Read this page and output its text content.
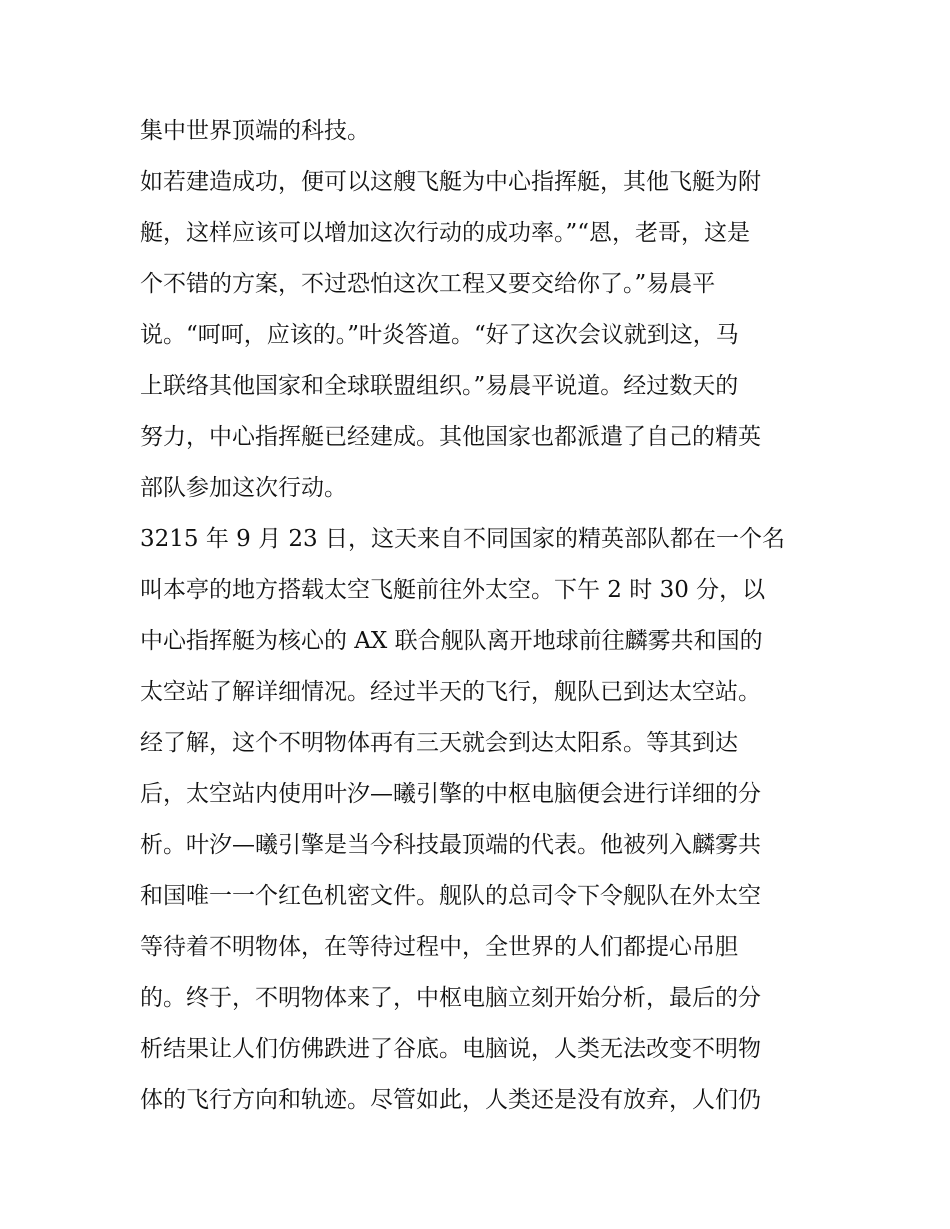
集中世界顶端的科技。
如若建造成功，便可以这艘飞艇为中心指挥艇，其他飞艇为附
艇，这样应该可以增加这次行动的成功率。”“恩，老哥，这是
个不错的方案，不过恐怕这次工程又要交给你了。”易晨平
说。“呵呵，应该的。”叶炎答道。“好了这次会议就到这，马
上联络其他国家和全球联盟组织。”易晨平说道。经过数天的
努力，中心指挥艇已经建成。其他国家也都派遣了自己的精英
部队参加这次行动。
3215 年 9 月 23 日，这天来自不同国家的精英部队都在一个名
叫本亭的地方搭载太空飞艇前往外太空。下午 2 时 30 分，以
中心指挥艇为核心的 AX 联合舰队离开地球前往麟雾共和国的
太空站了解详细情况。经过半天的飞行，舰队已到达太空站。
经了解，这个不明物体再有三天就会到达太阳系。等其到达
后，太空站内使用叶汐—曦引擎的中枢电脑便会进行详细的分
析。叶汐—曦引擎是当今科技最顶端的代表。他被列入麟雾共
和国唯一一个红色机密文件。舰队的总司令下令舰队在外太空
等待着不明物体，在等待过程中，全世界的人们都提心吊胆
的。终于，不明物体来了，中枢电脑立刻开始分析，最后的分
析结果让人们仿佛跌进了谷底。电脑说，人类无法改变不明物
体的飞行方向和轨迹。尽管如此，人类还是没有放弃，人们仍
